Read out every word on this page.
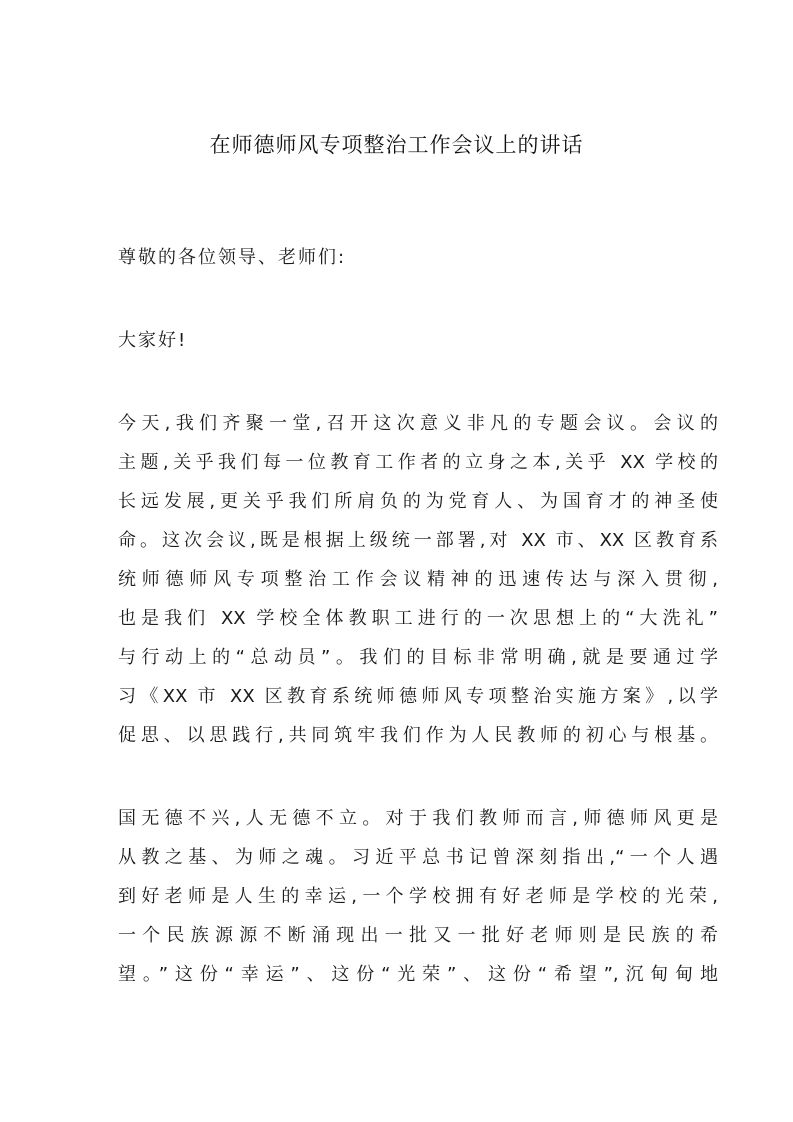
在师德师风专项整治工作会议上的讲话
尊敬的各位领导、老师们:
大家好!
今天,我们齐聚一堂,召开这次意义非凡的专题会议。会议的
主题,关乎我们每一位教育工作者的立身之本,关乎 XX 学校的
长远发展,更关乎我们所肩负的为党育人、为国育才的神圣使
命。这次会议,既是根据上级统一部署,对 XX 市、XX 区教育系
统师德师风专项整治工作会议精神的迅速传达与深入贯彻,
也是我们 XX 学校全体教职工进行的一次思想上的“大洗礼”
与行动上的“总动员”。我们的目标非常明确,就是要通过学
习《XX 市 XX 区教育系统师德师风专项整治实施方案》,以学
促思、以思践行,共同筑牢我们作为人民教师的初心与根基。
国无德不兴,人无德不立。对于我们教师而言,师德师风更是
从教之基、为师之魂。习近平总书记曾深刻指出,“一个人遇
到好老师是人生的幸运,一个学校拥有好老师是学校的光荣,
一个民族源源不断涌现出一批又一批好老师则是民族的希
望。”这份“幸运”、这份“光荣”、这份“希望”,沉甸甸地
